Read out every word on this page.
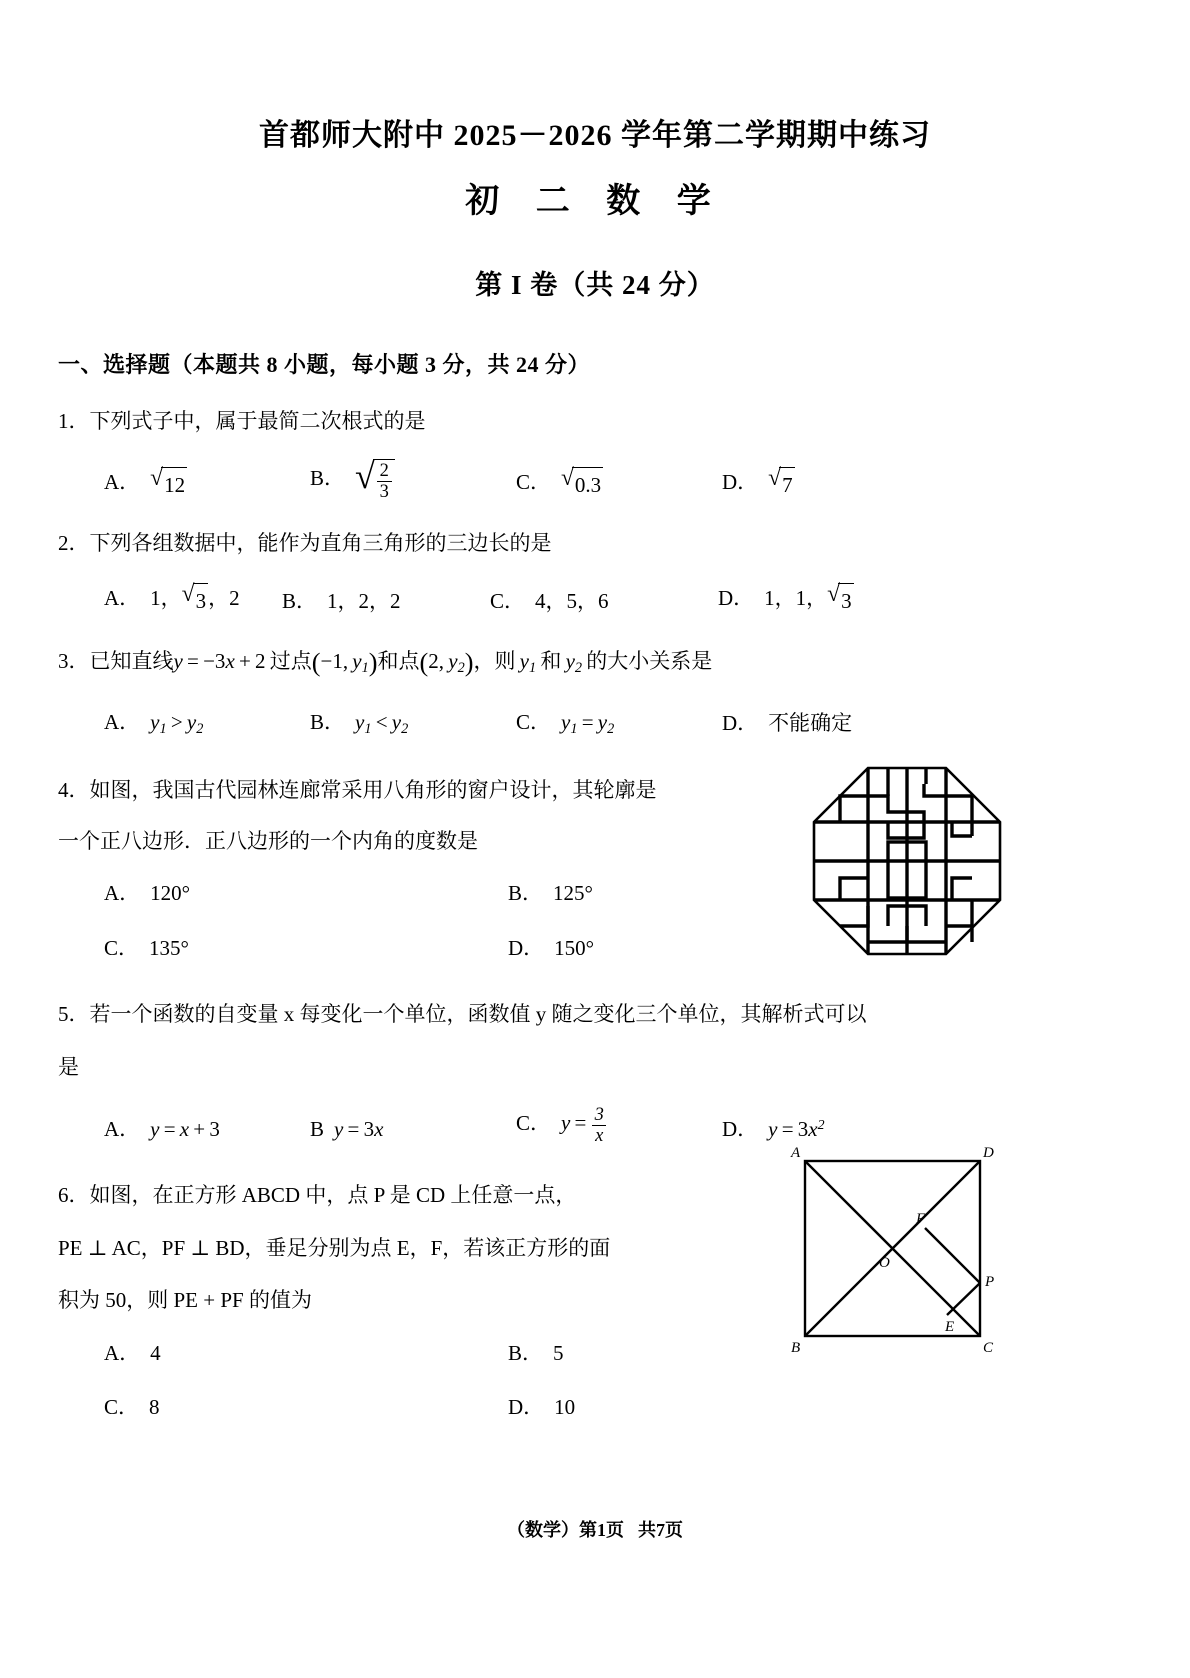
首都师大附中 2025－2026 学年第二学期期中练习
初 二 数 学
第 I 卷（共 24 分）
一、选择题（本题共 8 小题，每小题 3 分，共 24 分）
1．下列式子中，属于最简二次根式的是
A． √ 12	B． √ $\frac{2}{3}$	C． √ 0.3	D． √ 7
2．下列各组数据中，能作为直角三角形的三边长的是
A． 1， √ 3 ，2	B． 1，2，2	C． 4，5，6	D． 1，1， √ 3
3．已知直线y = −3x + 2 过点(−1, $y_1$)和点(2, $y_2$)，则 $y_1$ 和 $y_2$ 的大小关系是
A． $y_1 > y_2$	B． $y_1 < y_2$	C． $y_1 = y_2$	D． 不能确定
4．如图，我国古代园林连廊常采用八角形的窗户设计，其轮廓是
一个正八边形．正八边形的一个内角的度数是
A． 120°	B． 125°
C． 135°	D． 150°
5．若一个函数的自变量 x 每变化一个单位，函数值 y 随之变化三个单位，其解析式可以
是
A． y = x + 3	B y = 3x	C． $y = \frac{3}{x}$	D． $y = 3x^2$
6．如图，在正方形 ABCD 中，点 P 是 CD 上任意一点，
PE ⊥ AC，PF ⊥ BD，垂足分别为点 E，F，若该正方形的面
积为 50，则 PE + PF 的值为
A． 4	B． 5
C． 8	D． 10
A	D
F
O
P
E
B	C
（数学）第1页 共7页
